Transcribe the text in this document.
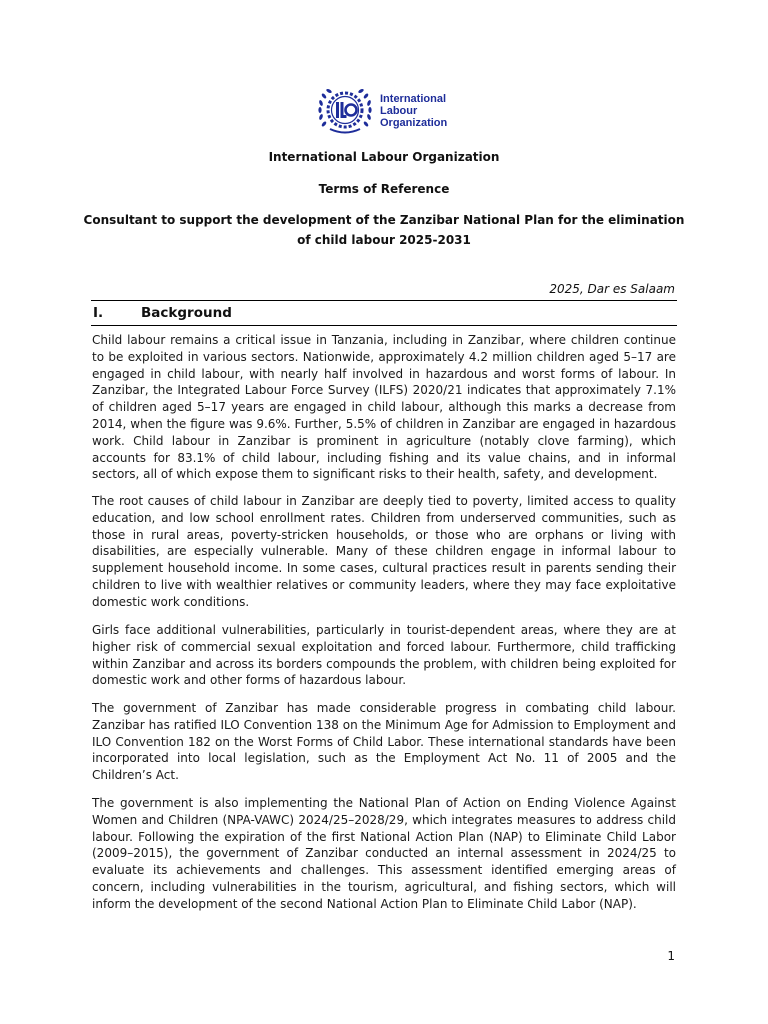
International
Labour
Organization
International Labour Organization
Terms of Reference
Consultant to support the development of the Zanzibar National Plan for the elimination
of child labour 2025-2031
2025, Dar es Salaam
I.	Background

Child labour remains a critical issue in Tanzania, including in Zanzibar, where children continue to be exploited in various sectors. Nationwide, approximately 4.2 million children aged 5–17 are engaged in child labour, with nearly half involved in hazardous and worst forms of labour. In Zanzibar, the Integrated Labour Force Survey (ILFS) 2020/21 indicates that approximately 7.1% of children aged 5–17 years are engaged in child labour, although this marks a decrease from 2014, when the figure was 9.6%. Further, 5.5% of children in Zanzibar are engaged in hazardous work. Child labour in Zanzibar is prominent in agriculture (notably clove farming), which accounts for 83.1% of child labour, including fishing and its value chains, and in informal sectors, all of which expose them to significant risks to their health, safety, and development.

The root causes of child labour in Zanzibar are deeply tied to poverty, limited access to quality education, and low school enrollment rates. Children from underserved communities, such as those in rural areas, poverty-stricken households, or those who are orphans or living with disabilities, are especially vulnerable. Many of these children engage in informal labour to supplement household income. In some cases, cultural practices result in parents sending their children to live with wealthier relatives or community leaders, where they may face exploitative domestic work conditions.

Girls face additional vulnerabilities, particularly in tourist-dependent areas, where they are at higher risk of commercial sexual exploitation and forced labour. Furthermore, child trafficking within Zanzibar and across its borders compounds the problem, with children being exploited for domestic work and other forms of hazardous labour.

The government of Zanzibar has made considerable progress in combating child labour. Zanzibar has ratified ILO Convention 138 on the Minimum Age for Admission to Employment and ILO Convention 182 on the Worst Forms of Child Labor. These international standards have been incorporated into local legislation, such as the Employment Act No. 11 of 2005 and the Children’s Act.

The government is also implementing the National Plan of Action on Ending Violence Against Women and Children (NPA-VAWC) 2024/25–2028/29, which integrates measures to address child labour. Following the expiration of the first National Action Plan (NAP) to Eliminate Child Labor (2009–2015), the government of Zanzibar conducted an internal assessment in 2024/25 to evaluate its achievements and challenges. This assessment identified emerging areas of concern, including vulnerabilities in the tourism, agricultural, and fishing sectors, which will inform the development of the second National Action Plan to Eliminate Child Labor (NAP).

1
